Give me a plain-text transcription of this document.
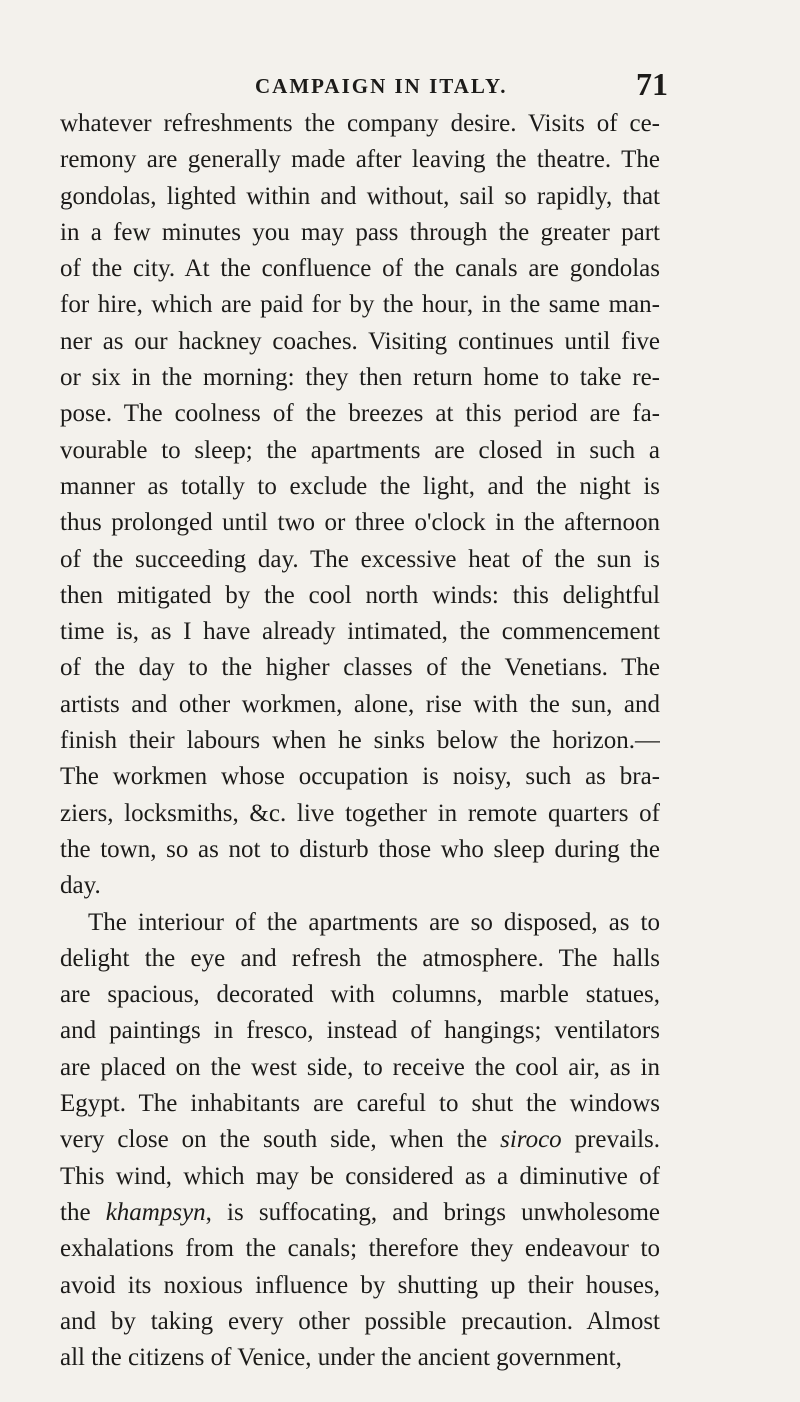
CAMPAIGN IN ITALY.	71
whatever refreshments the company desire. Visits of ce-
remony are generally made after leaving the theatre. The
gondolas, lighted within and without, sail so rapidly, that
in a few minutes you may pass through the greater part
of the city. At the confluence of the canals are gondolas
for hire, which are paid for by the hour, in the same man-
ner as our hackney coaches. Visiting continues until five
or six in the morning: they then return home to take re-
pose. The coolness of the breezes at this period are fa-
vourable to sleep; the apartments are closed in such a
manner as totally to exclude the light, and the night is
thus prolonged until two or three o'clock in the afternoon
of the succeeding day. The excessive heat of the sun is
then mitigated by the cool north winds: this delightful
time is, as I have already intimated, the commencement
of the day to the higher classes of the Venetians. The
artists and other workmen, alone, rise with the sun, and
finish their labours when he sinks below the horizon.—
The workmen whose occupation is noisy, such as bra-
ziers, locksmiths, &c. live together in remote quarters of
the town, so as not to disturb those who sleep during the
day.
The interiour of the apartments are so disposed, as to
delight the eye and refresh the atmosphere. The halls
are spacious, decorated with columns, marble statues,
and paintings in fresco, instead of hangings; ventilators
are placed on the west side, to receive the cool air, as in
Egypt. The inhabitants are careful to shut the windows
very close on the south side, when the siroco prevails.
This wind, which may be considered as a diminutive of
the khampsyn, is suffocating, and brings unwholesome
exhalations from the canals; therefore they endeavour to
avoid its noxious influence by shutting up their houses,
and by taking every other possible precaution. Almost
all the citizens of Venice, under the ancient government,
